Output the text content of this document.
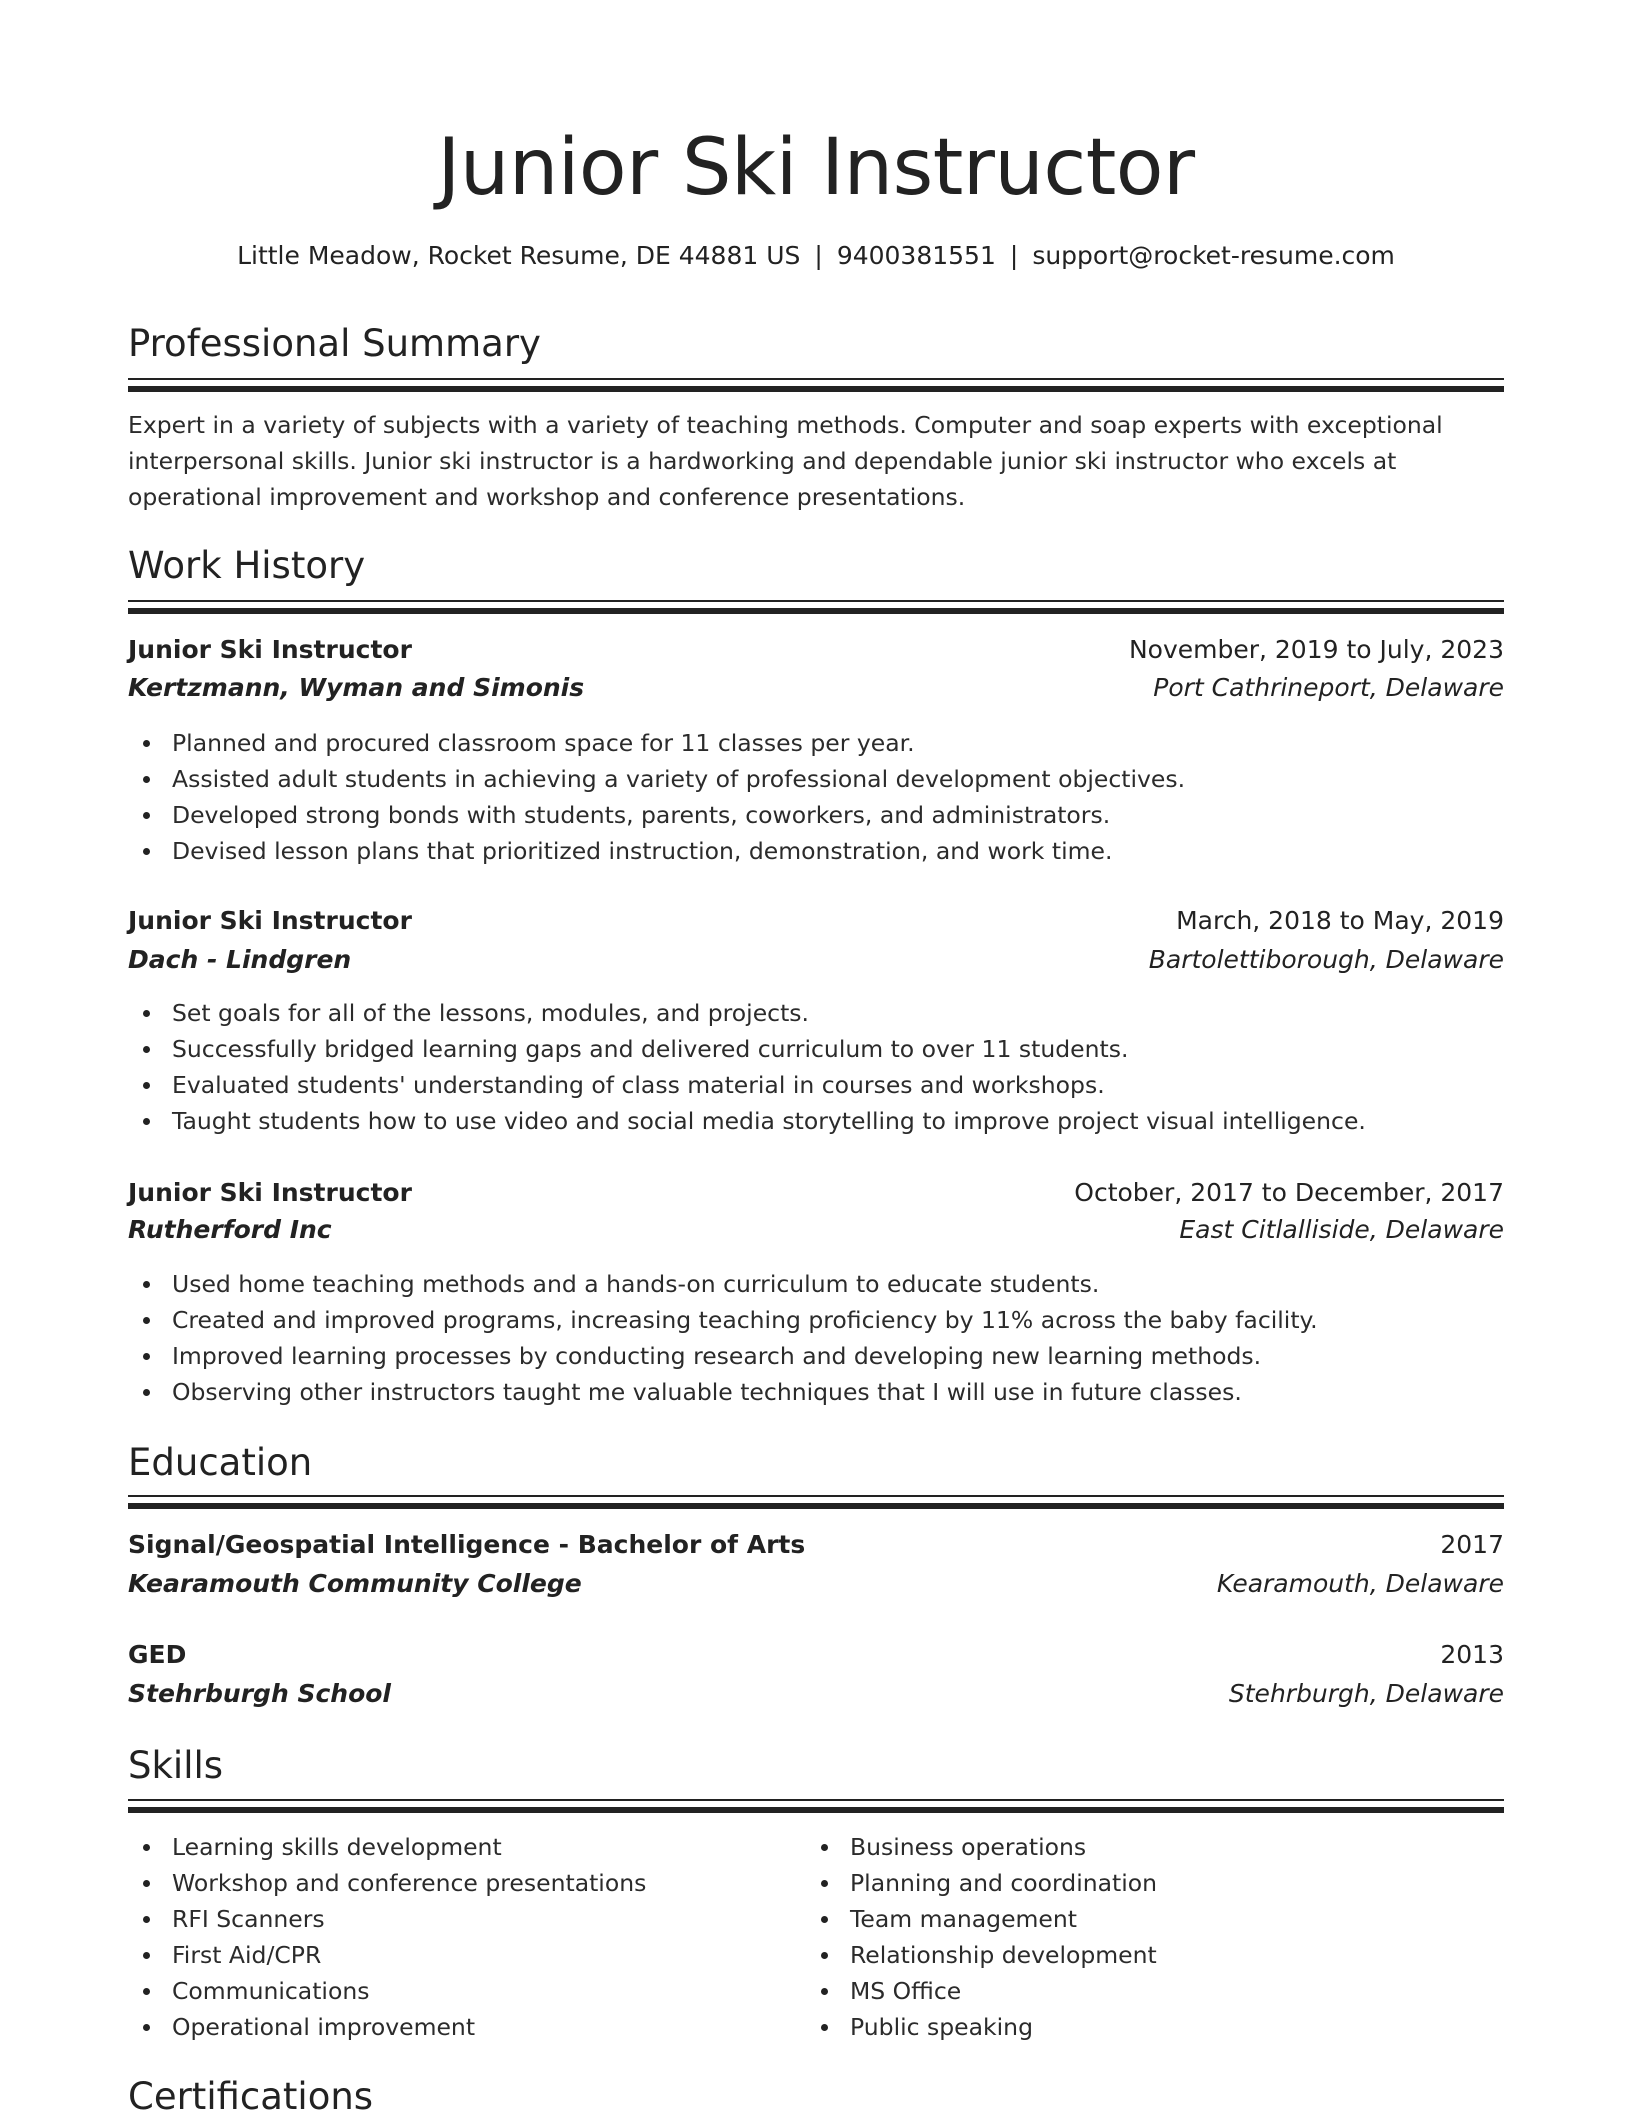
Junior Ski Instructor
Little Meadow, Rocket Resume, DE 44881 US | 9400381551 | support@rocket-resume.com
Professional Summary
Expert in a variety of subjects with a variety of teaching methods. Computer and soap experts with exceptional
interpersonal skills. Junior ski instructor is a hardworking and dependable junior ski instructor who excels at
operational improvement and workshop and conference presentations.
Work History
Junior Ski Instructor	November, 2019 to July, 2023
Kertzmann, Wyman and Simonis	Port Cathrineport, Delaware
Planned and procured classroom space for 11 classes per year.
Assisted adult students in achieving a variety of professional development objectives.
Developed strong bonds with students, parents, coworkers, and administrators.
Devised lesson plans that prioritized instruction, demonstration, and work time.
Junior Ski Instructor	March, 2018 to May, 2019
Dach - Lindgren	Bartolettiborough, Delaware
Set goals for all of the lessons, modules, and projects.
Successfully bridged learning gaps and delivered curriculum to over 11 students.
Evaluated students' understanding of class material in courses and workshops.
Taught students how to use video and social media storytelling to improve project visual intelligence.
Junior Ski Instructor	October, 2017 to December, 2017
Rutherford Inc	East Citlalliside, Delaware
Used home teaching methods and a hands-on curriculum to educate students.
Created and improved programs, increasing teaching proficiency by 11% across the baby facility.
Improved learning processes by conducting research and developing new learning methods.
Observing other instructors taught me valuable techniques that I will use in future classes.
Education
Signal/Geospatial Intelligence - Bachelor of Arts	2017
Kearamouth Community College	Kearamouth, Delaware
GED	2013
Stehrburgh School	Stehrburgh, Delaware
Skills
Learning skills development
Workshop and conference presentations
RFI Scanners
First Aid/CPR
Communications
Operational improvement
Business operations
Planning and coordination
Team management
Relationship development
MS Office
Public speaking
Certifications
